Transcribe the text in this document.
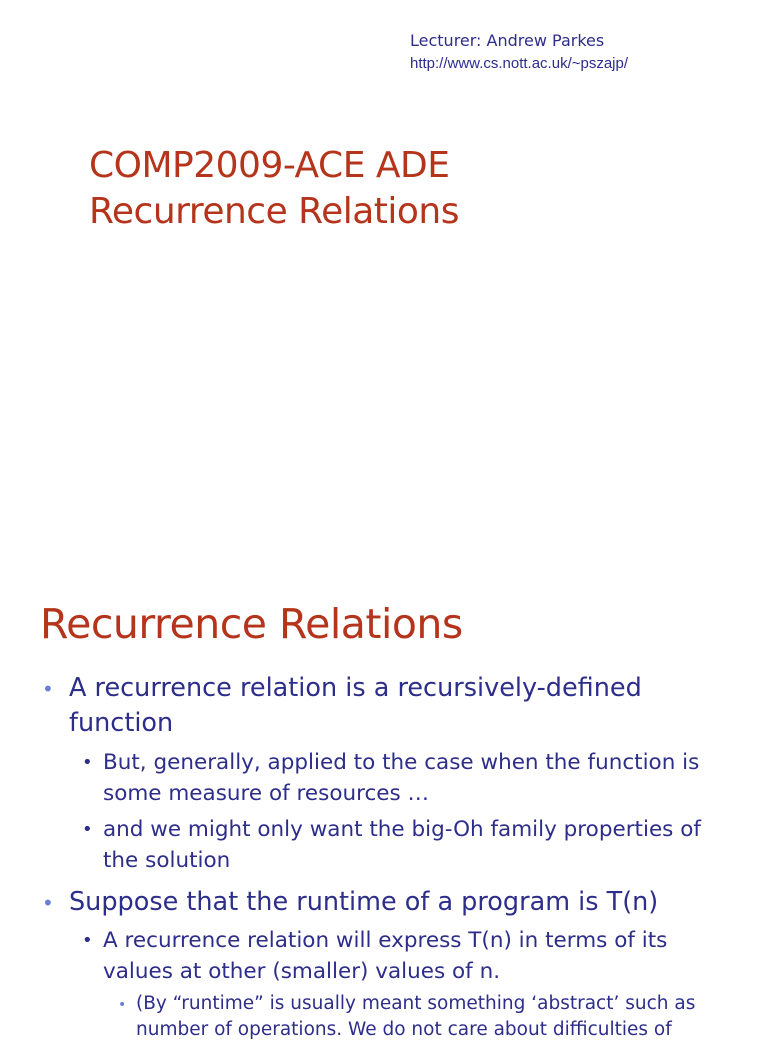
Lecturer: Andrew Parkes
http://www.cs.nott.ac.uk/~pszajp/
COMP2009-ACE ADE
Recurrence Relations
Recurrence Relations
• A recurrence relation is a recursively-defined function
• But, generally, applied to the case when the function is some measure of resources …
• and we might only want the big-Oh family properties of the solution
• Suppose that the runtime of a program is T(n)
• A recurrence relation will express T(n) in terms of its values at other (smaller) values of n.
• (By “runtime” is usually meant something ‘abstract’ such as number of operations. We do not care about difficulties of
